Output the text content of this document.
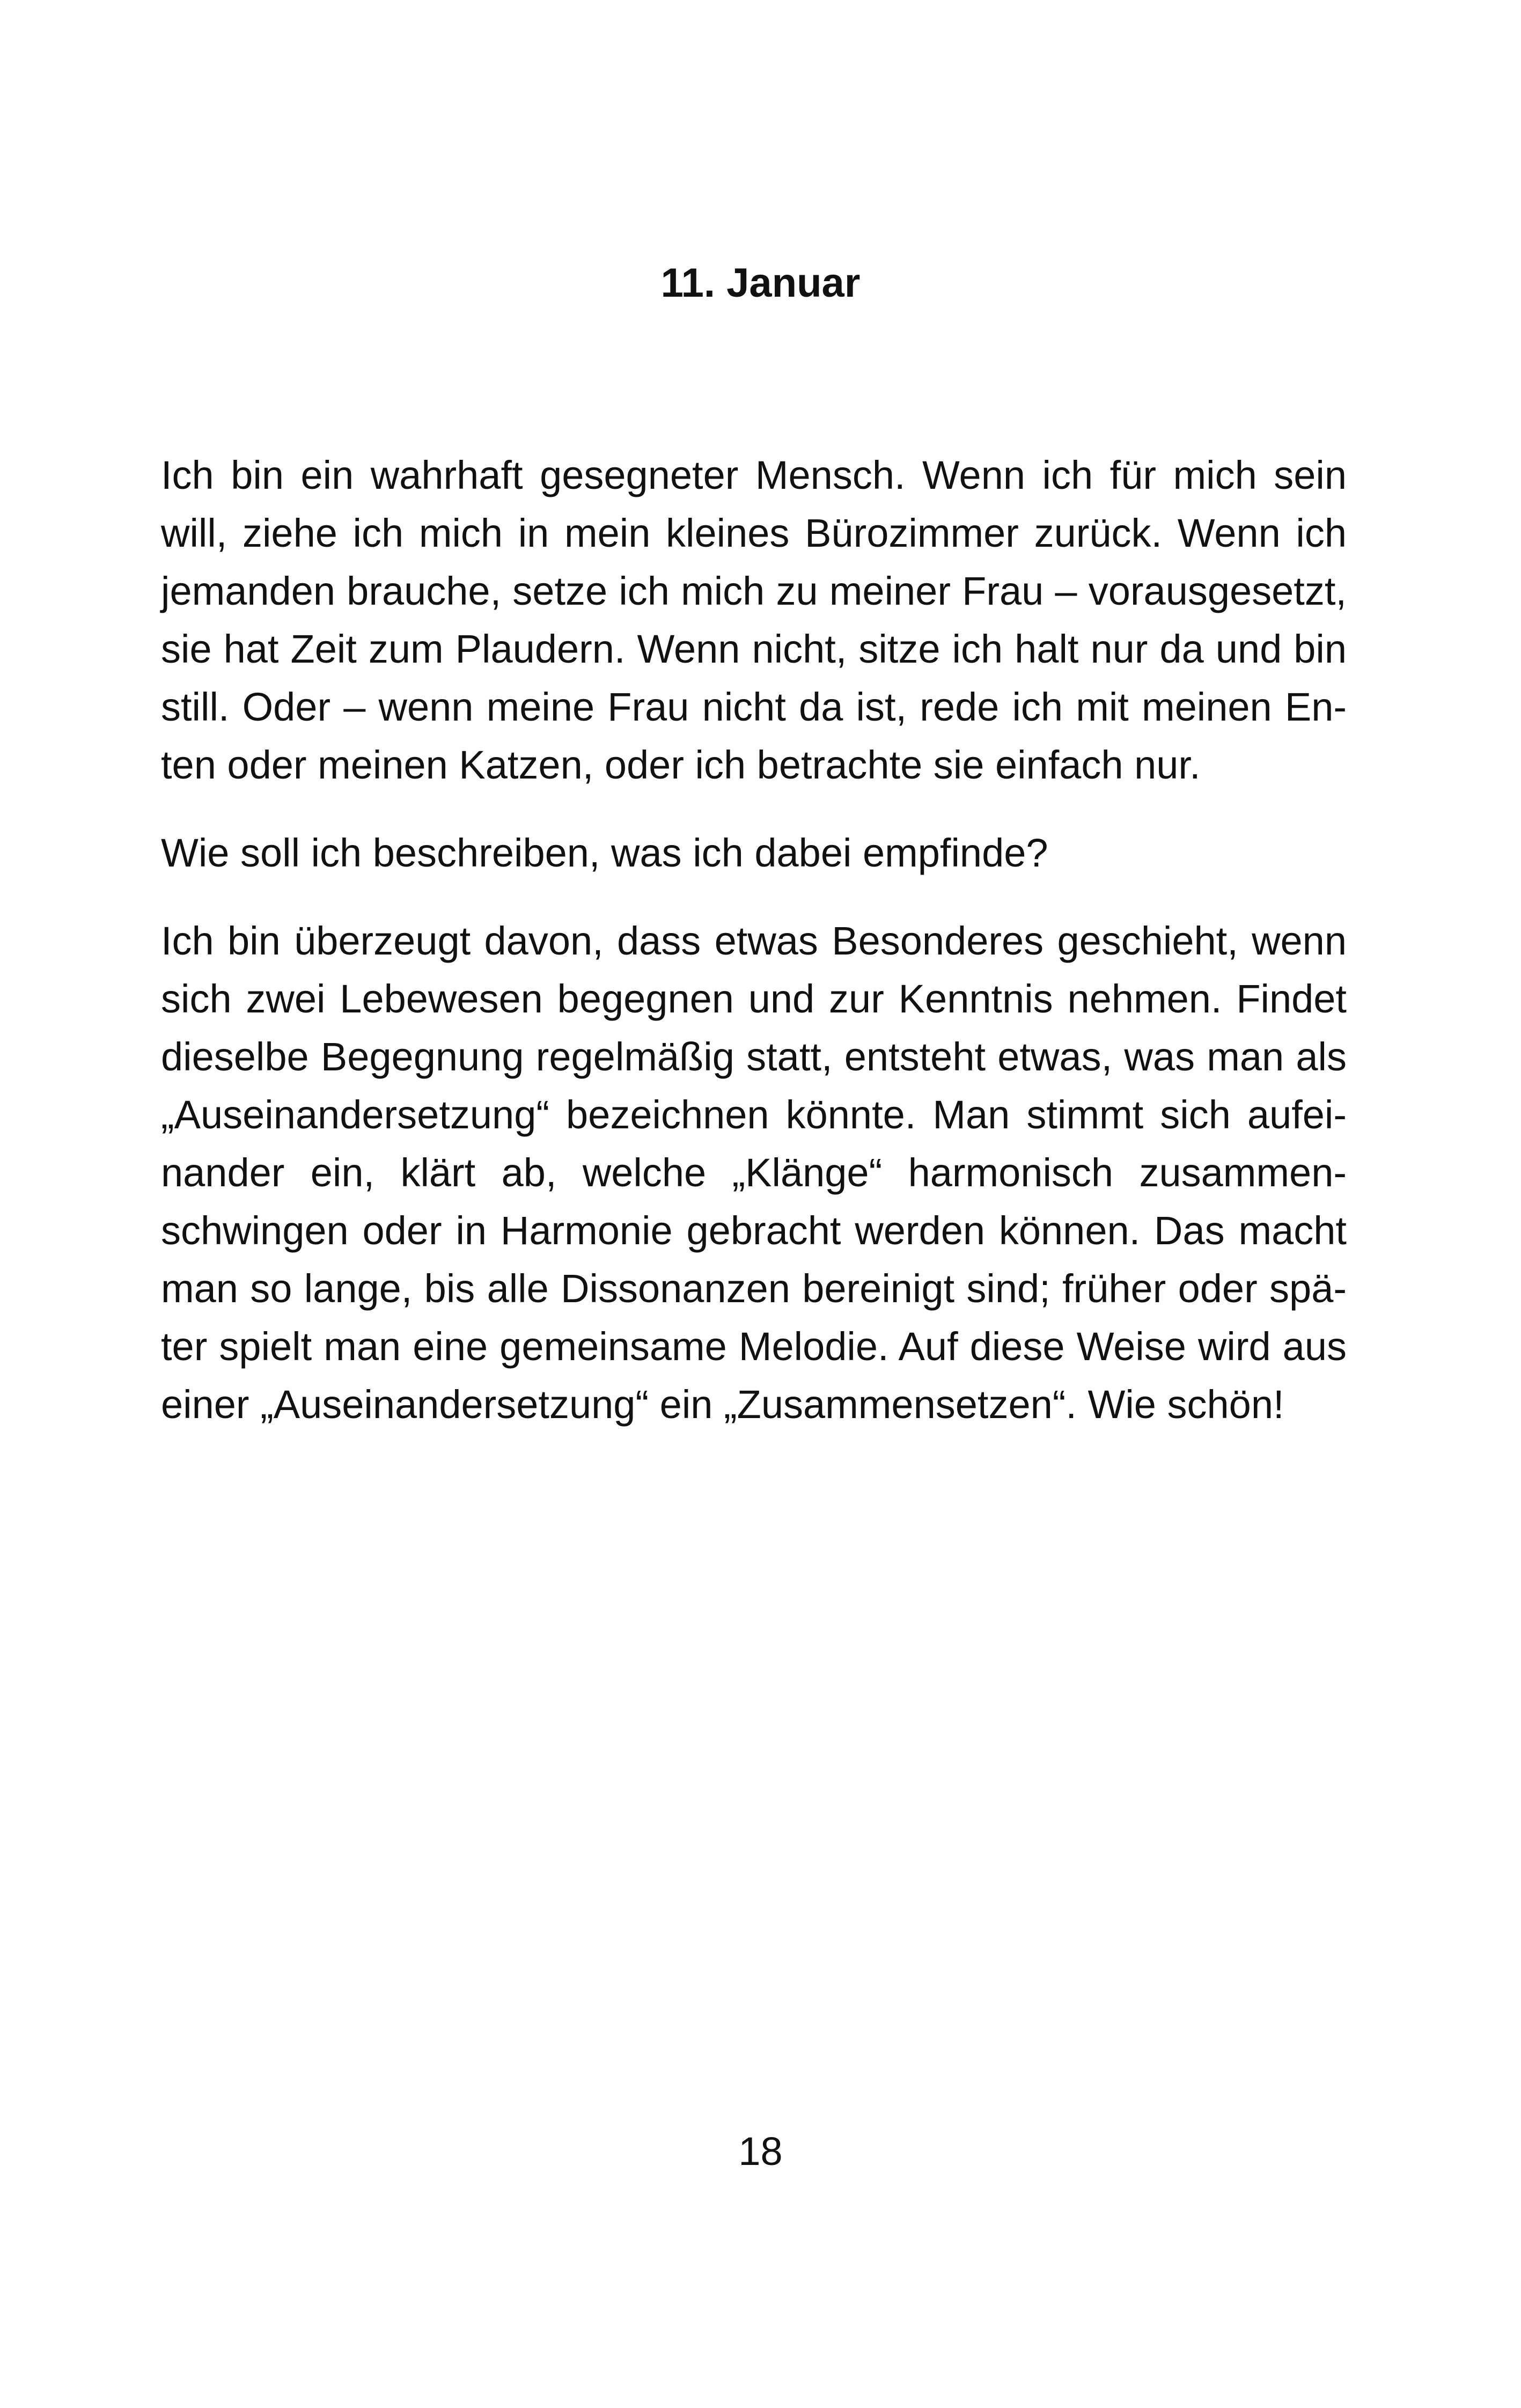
11. Januar

Ich bin ein wahrhaft gesegneter Mensch. Wenn ich für mich sein
will, ziehe ich mich in mein kleines Bürozimmer zurück. Wenn ich
jemanden brauche, setze ich mich zu meiner Frau – vorausgesetzt,
sie hat Zeit zum Plaudern. Wenn nicht, sitze ich halt nur da und bin
still. Oder – wenn meine Frau nicht da ist, rede ich mit meinen En-
ten oder meinen Katzen, oder ich betrachte sie einfach nur.

Wie soll ich beschreiben, was ich dabei empfinde?

Ich bin überzeugt davon, dass etwas Besonderes geschieht, wenn
sich zwei Lebewesen begegnen und zur Kenntnis nehmen. Findet
dieselbe Begegnung regelmäßig statt, entsteht etwas, was man als
„Auseinandersetzung“ bezeichnen könnte. Man stimmt sich aufei-
nander ein, klärt ab, welche „Klänge“ harmonisch zusammen-
schwingen oder in Harmonie gebracht werden können. Das macht
man so lange, bis alle Dissonanzen bereinigt sind; früher oder spä-
ter spielt man eine gemeinsame Melodie. Auf diese Weise wird aus
einer „Auseinandersetzung“ ein „Zusammensetzen“. Wie schön!

18
